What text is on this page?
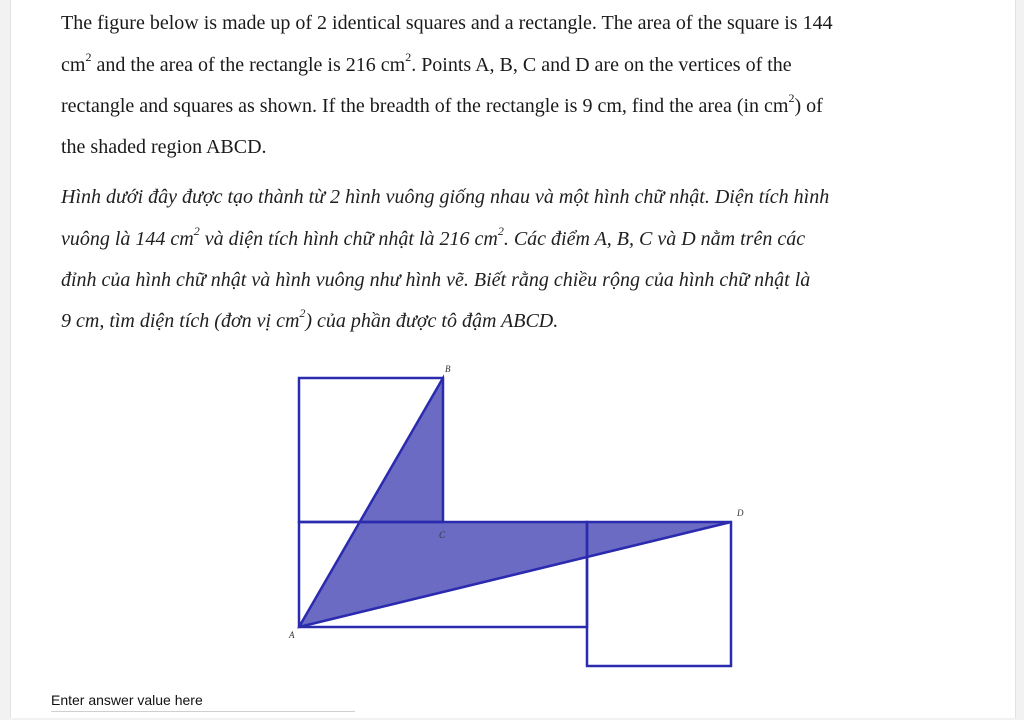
The figure below is made up of 2 identical squares and a rectangle. The area of the square is 144
$cm^2$ and the area of the rectangle is 216 $cm^2$. Points A, B, C and D are on the vertices of the
rectangle and squares as shown. If the breadth of the rectangle is 9 cm, find the area (in $cm^2$) of
the shaded region ABCD.
Hình dưới đây được tạo thành từ 2 hình vuông giống nhau và một hình chữ nhật. Diện tích hình
vuông là 144 $cm^2$ và diện tích hình chữ nhật là 216 $cm^2$. Các điểm A, B, C và D nằm trên các
đỉnh của hình chữ nhật và hình vuông như hình vẽ. Biết rằng chiều rộng của hình chữ nhật là
9 cm, tìm diện tích (đơn vị $cm^2$) của phần được tô đậm ABCD.
B
C
D
A
Enter answer value here
